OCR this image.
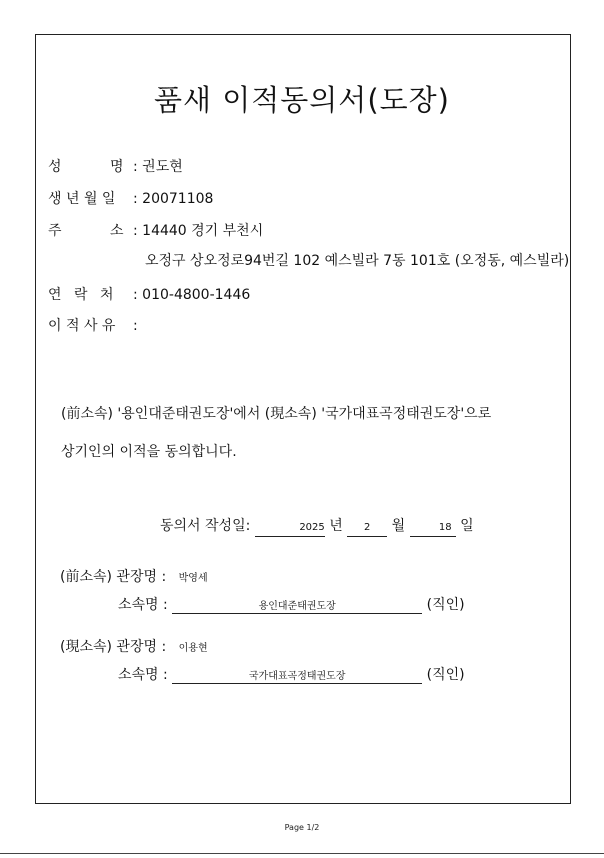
품새 이적동의서(도장)
성 명 : 권도현
생 년 월 일 : 20071108
주 소 : 14440 경기 부천시
오정구 상오정로94번길 102 예스빌라 7동 101호 (오정동, 예스빌라)
연 락 처 : 010-4800-1446
이 적 사 유 :
(前소속) '용인대준태권도장'에서 (現소속) '국가대표곡정태권도장'으로
상기인의 이적을 동의합니다.
동의서 작성일:	2025 년 2 월	18 일
(前소속) 관장명 : 박영세
소속명 :	용인대준태권도장	(직인)
(現소속) 관장명 : 이용현
소속명 :	국가대표곡정태권도장	(직인)
Page 1/2
